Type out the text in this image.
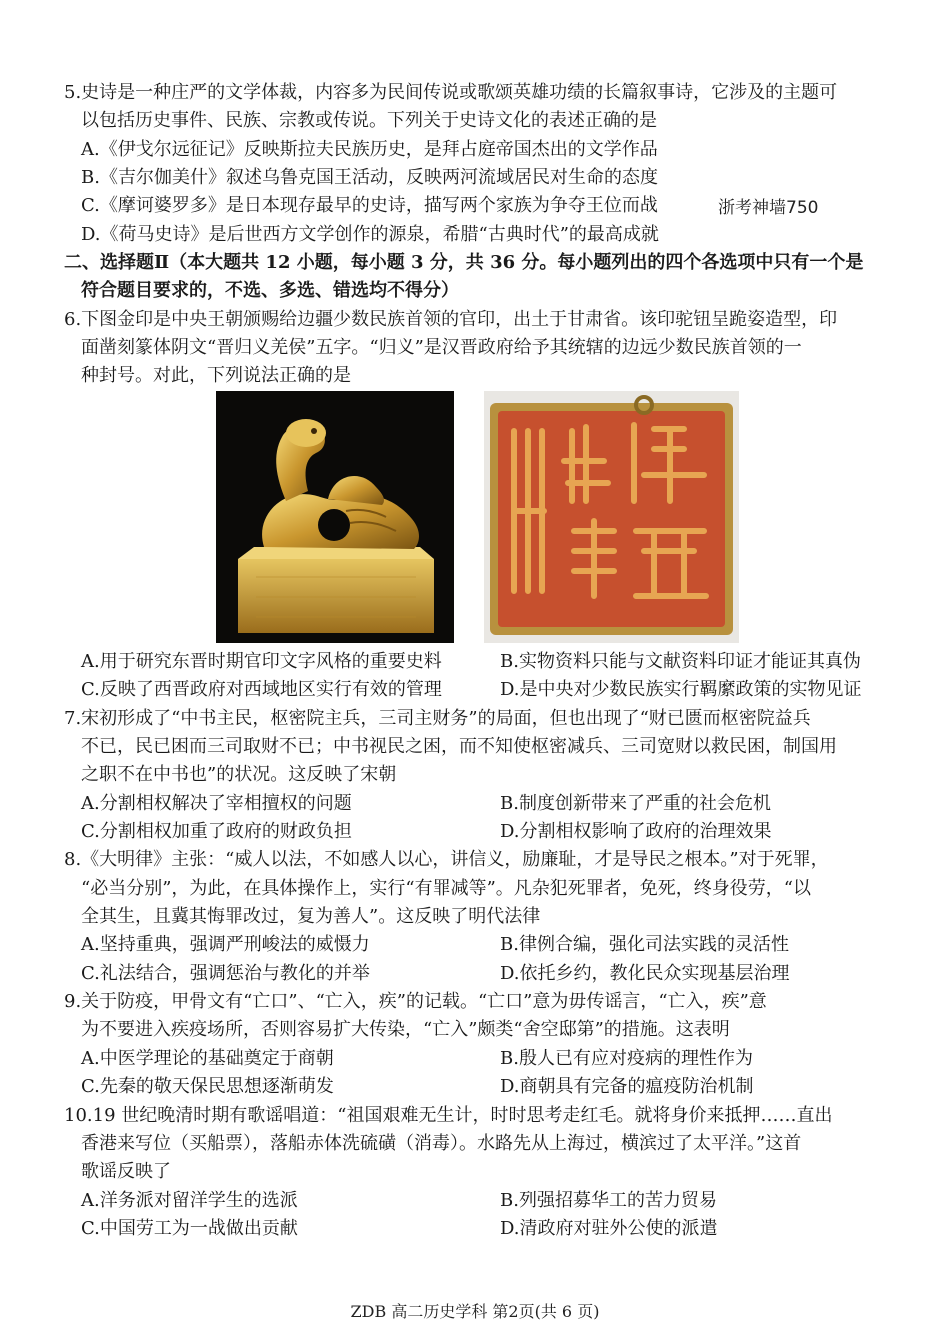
5.史诗是一种庄严的文学体裁，内容多为民间传说或歌颂英雄功绩的长篇叙事诗，它涉及的主题可
以包括历史事件、民族、宗教或传说。下列关于史诗文化的表述正确的是
A.《伊戈尔远征记》反映斯拉夫民族历史，是拜占庭帝国杰出的文学作品
B.《吉尔伽美什》叙述乌鲁克国王活动，反映两河流域居民对生命的态度
C.《摩诃婆罗多》是日本现存最早的史诗，描写两个家族为争夺王位而战	浙考神墙750
D.《荷马史诗》是后世西方文学创作的源泉，希腊“古典时代”的最高成就
二、选择题Ⅱ（本大题共 12 小题，每小题 3 分，共 36 分。每小题列出的四个各选项中只有一个是
符合题目要求的，不选、多选、错选均不得分）
6.下图金印是中央王朝颁赐给边疆少数民族首领的官印，出土于甘肃省。该印驼钮呈跪姿造型，印
面凿刻篆体阴文“晋归义羌侯”五字。“归义”是汉晋政府给予其统辖的边远少数民族首领的一
种封号。对此，下列说法正确的是
A.用于研究东晋时期官印文字风格的重要史料	B.实物资料只能与文献资料印证才能证其真伪
C.反映了西晋政府对西域地区实行有效的管理	D.是中央对少数民族实行羁縻政策的实物见证
7.宋初形成了“中书主民，枢密院主兵，三司主财务”的局面，但也出现了“财已匮而枢密院益兵
不已，民已困而三司取财不已；中书视民之困，而不知使枢密减兵、三司宽财以救民困，制国用
之职不在中书也”的状况。这反映了宋朝
A.分割相权解决了宰相擅权的问题	B.制度创新带来了严重的社会危机
C.分割相权加重了政府的财政负担	D.分割相权影响了政府的治理效果
8.《大明律》主张：“威人以法，不如感人以心，讲信义，励廉耻，才是导民之根本。”对于死罪，
“必当分别”，为此，在具体操作上，实行“有罪减等”。凡杂犯死罪者，免死，终身役劳，“以
全其生，且冀其悔罪改过，复为善人”。这反映了明代法律
A.坚持重典，强调严刑峻法的威慑力	B.律例合编，强化司法实践的灵活性
C.礼法结合，强调惩治与教化的并举	D.依托乡约，教化民众实现基层治理
9.关于防疫，甲骨文有“亡口”、“亡入，疾”的记载。“亡口”意为毋传谣言，“亡入，疾”意
为不要进入疾疫场所，否则容易扩大传染，“亡入”颇类“舍空邸第”的措施。这表明
A.中医学理论的基础奠定于商朝	B.殷人已有应对疫病的理性作为
C.先秦的敬天保民思想逐渐萌发	D.商朝具有完备的瘟疫防治机制
10.19 世纪晚清时期有歌谣唱道：“祖国艰难无生计，时时思考走红毛。就将身价来抵押……直出
香港来写位（买船票），落船赤体洗硫磺（消毒）。水路先从上海过，横滨过了太平洋。”这首
歌谣反映了
A.洋务派对留洋学生的选派	B.列强招募华工的苦力贸易
C.中国劳工为一战做出贡献	D.清政府对驻外公使的派遣
ZDB 高二历史学科 第2页(共 6 页)
